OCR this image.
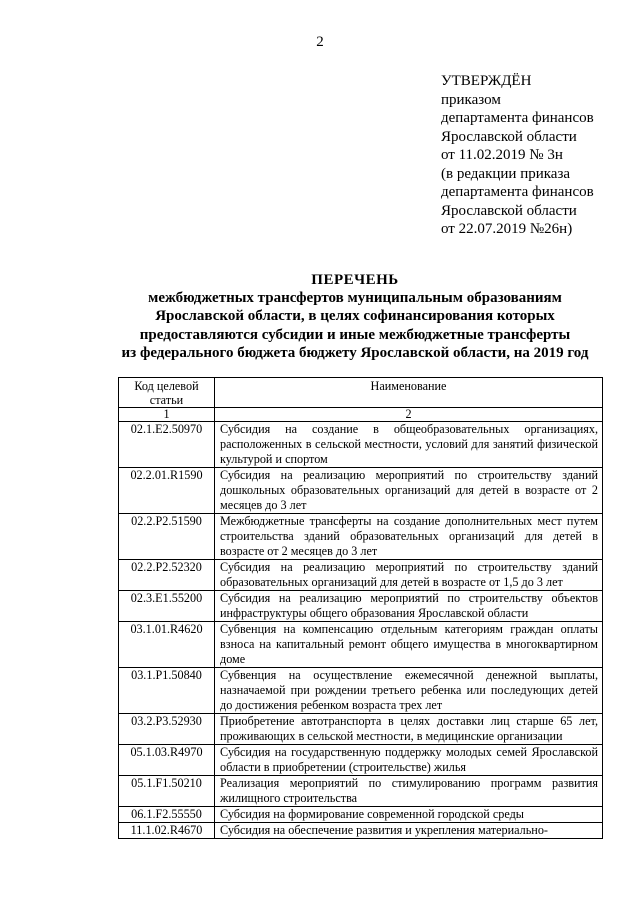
2
УТВЕРЖДЁН
приказом
департамента финансов
Ярославской области
от 11.02.2019 № 3н
(в редакции приказа
департамента финансов
Ярославской области
от 22.07.2019 №26н)
ПЕРЕЧЕНЬ
межбюджетных трансфертов муниципальным образованиям
Ярославской области, в целях софинансирования которых
предоставляются субсидии и иные межбюджетные трансферты
из федерального бюджета бюджету Ярославской области, на 2019 год
Код целевой статьи	Наименование
1	2
02.1.E2.50970	Субсидия на создание в общеобразовательных организациях, расположенных в сельской местности, условий для занятий физической культурой и спортом
02.2.01.R1590	Субсидия на реализацию мероприятий по строительству зданий дошкольных образовательных организаций для детей в возрасте от 2 месяцев до 3 лет
02.2.P2.51590	Межбюджетные трансферты на создание дополнительных мест путем строительства зданий образовательных организаций для детей в возрасте от 2 месяцев до 3 лет
02.2.P2.52320	Субсидия на реализацию мероприятий по строительству зданий образовательных организаций для детей в возрасте от 1,5 до 3 лет
02.3.E1.55200	Субсидия на реализацию мероприятий по строительству объектов инфраструктуры общего образования Ярославской области
03.1.01.R4620	Субвенция на компенсацию отдельным категориям граждан оплаты взноса на капитальный ремонт общего имущества в многоквартирном доме
03.1.P1.50840	Субвенция на осуществление ежемесячной денежной выплаты, назначаемой при рождении третьего ребенка или последующих детей до достижения ребенком возраста трех лет
03.2.P3.52930	Приобретение автотранспорта в целях доставки лиц старше 65 лет, проживающих в сельской местности, в медицинские организации
05.1.03.R4970	Субсидия на государственную поддержку молодых семей Ярославской области в приобретении (строительстве) жилья
05.1.F1.50210	Реализация мероприятий по стимулированию программ развития жилищного строительства
06.1.F2.55550	Субсидия на формирование современной городской среды
11.1.02.R4670	Субсидия на обеспечение развития и укрепления материально-
